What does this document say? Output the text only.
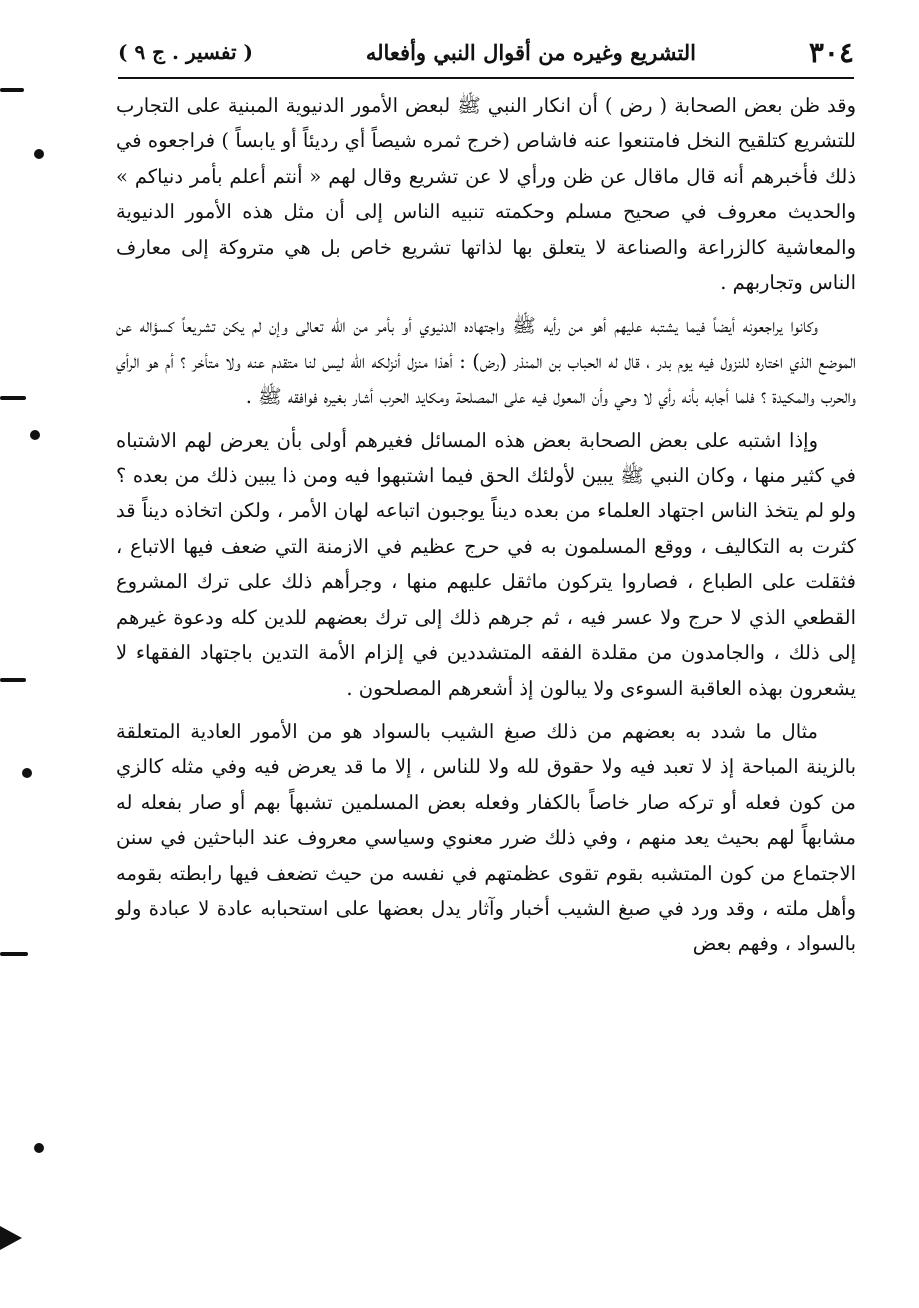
٣٠٤
التشريع وغيره من أقوال النبي وأفعاله
( تفسير . ج ٩ )

وقد ظن بعض الصحابة ( رض ) أن انكار النبي ﷺ لبعض الأمور الدنيوية المبنية على التجارب للتشريع كتلقيح النخل فامتنعوا عنه فاشاص (خرج ثمره شيصاً أي رديئاً أو يابساً ) فراجعوه في ذلك فأخبرهم أنه قال ماقال عن ظن ورأي لا عن تشريع وقال لهم « أنتم أعلم بأمر دنياكم » والحديث معروف في صحيح مسلم وحكمته تنبيه الناس إلى أن مثل هذه الأمور الدنيوية والمعاشية كالزراعة والصناعة لا يتعلق بها لذاتها تشريع خاص بل هي متروكة إلى معارف الناس وتجاربهم .

وكانوا يراجعونه أيضاً فيما يشتبه عليهم أهو من رأيه ﷺ واجتهاده الدنيوي أو بأمر من الله تعالى وإن لم يكن تشريعاً كسؤاله عن الموضع الذي اختاره للنزول فيه يوم بدر ، قال له الحباب بن المنذر (رض) : أهذا منزل أنزلكه الله ليس لنا متقدم عنه ولا متأخر ؟ أم هو الرأي والحرب والمكيدة ؟ فلما أجابه بأنه رأي لا وحي وأن المعول فيه على المصلحة ومكايد الحرب أشار بغيره فوافقه ﷺ .

وإذا اشتبه على بعض الصحابة بعض هذه المسائل فغيرهم أولى بأن يعرض لهم الاشتباه في كثير منها ، وكان النبي ﷺ يبين لأولئك الحق فيما اشتبهوا فيه ومن ذا يبين ذلك من بعده ؟ ولو لم يتخذ الناس اجتهاد العلماء من بعده ديناً يوجبون اتباعه لهان الأمر ، ولكن اتخاذه ديناً قد كثرت به التكاليف ، ووقع المسلمون به في حرج عظيم في الازمنة التي ضعف فيها الاتباع ، فثقلت على الطباع ، فصاروا يتركون ماثقل عليهم منها ، وجرأهم ذلك على ترك المشروع القطعي الذي لا حرج ولا عسر فيه ، ثم جرهم ذلك إلى ترك بعضهم للدين كله ودعوة غيرهم إلى ذلك ، والجامدون من مقلدة الفقه المتشددين في إلزام الأمة التدين باجتهاد الفقهاء لا يشعرون بهذه العاقبة السوءى ولا يبالون إذ أشعرهم المصلحون .

مثال ما شدد به بعضهم من ذلك صبغ الشيب بالسواد هو من الأمور العادية المتعلقة بالزينة المباحة إذ لا تعبد فيه ولا حقوق لله ولا للناس ، إلا ما قد يعرض فيه وفي مثله كالزي من كون فعله أو تركه صار خاصاً بالكفار وفعله بعض المسلمين تشبهاً بهم أو صار بفعله له مشابهاً لهم بحيث يعد منهم ، وفي ذلك ضرر معنوي وسياسي معروف عند الباحثين في سنن الاجتماع من كون المتشبه بقوم تقوى عظمتهم في نفسه من حيث تضعف فيها رابطته بقومه وأهل ملته ، وقد ورد في صبغ الشيب أخبار وآثار يدل بعضها على استحبابه عادة لا عبادة ولو بالسواد ، وفهم بعض
